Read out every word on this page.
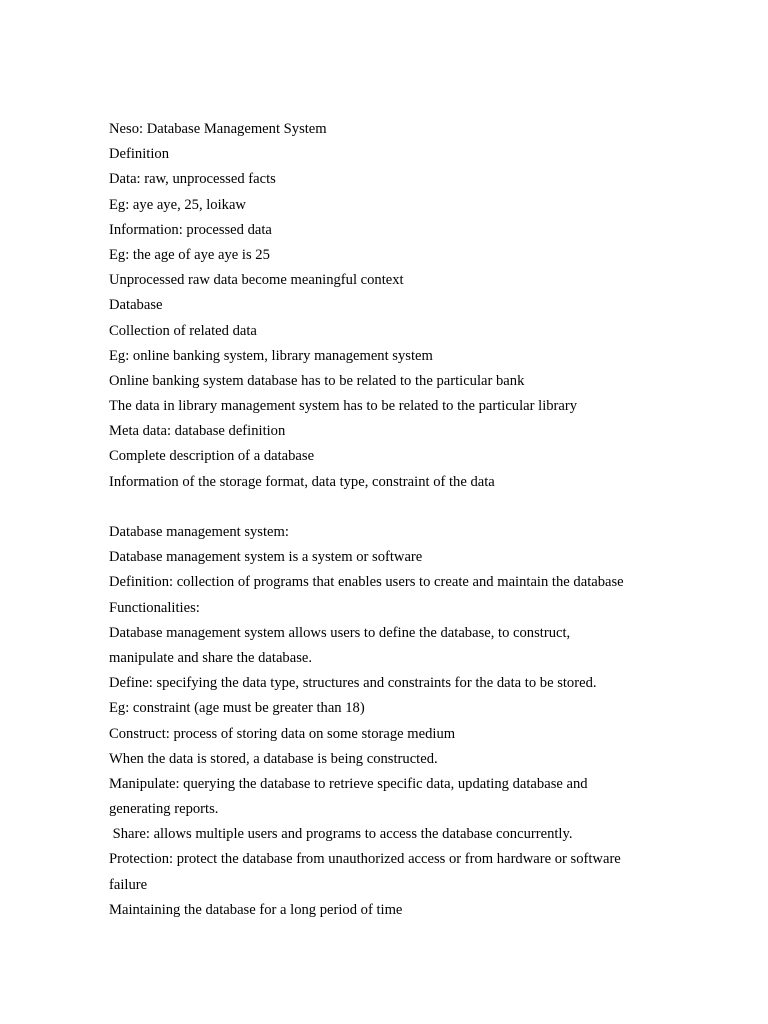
Neso: Database Management System
Definition
Data: raw, unprocessed facts
Eg: aye aye, 25, loikaw
Information: processed data
Eg: the age of aye aye is 25
Unprocessed raw data become meaningful context
Database
Collection of related data
Eg: online banking system, library management system
Online banking system database has to be related to the particular bank
The data in library management system has to be related to the particular library
Meta data: database definition
Complete description of a database
Information of the storage format, data type, constraint of the data
Database management system:
Database management system is a system or software
Definition: collection of programs that enables users to create and maintain the database
Functionalities:
Database management system allows users to define the database, to construct,
manipulate and share the database.
Define: specifying the data type, structures and constraints for the data to be stored.
Eg: constraint (age must be greater than 18)
Construct: process of storing data on some storage medium
When the data is stored, a database is being constructed.
Manipulate: querying the database to retrieve specific data, updating database and
generating reports.
Share: allows multiple users and programs to access the database concurrently.
Protection: protect the database from unauthorized access or from hardware or software
failure
Maintaining the database for a long period of time
